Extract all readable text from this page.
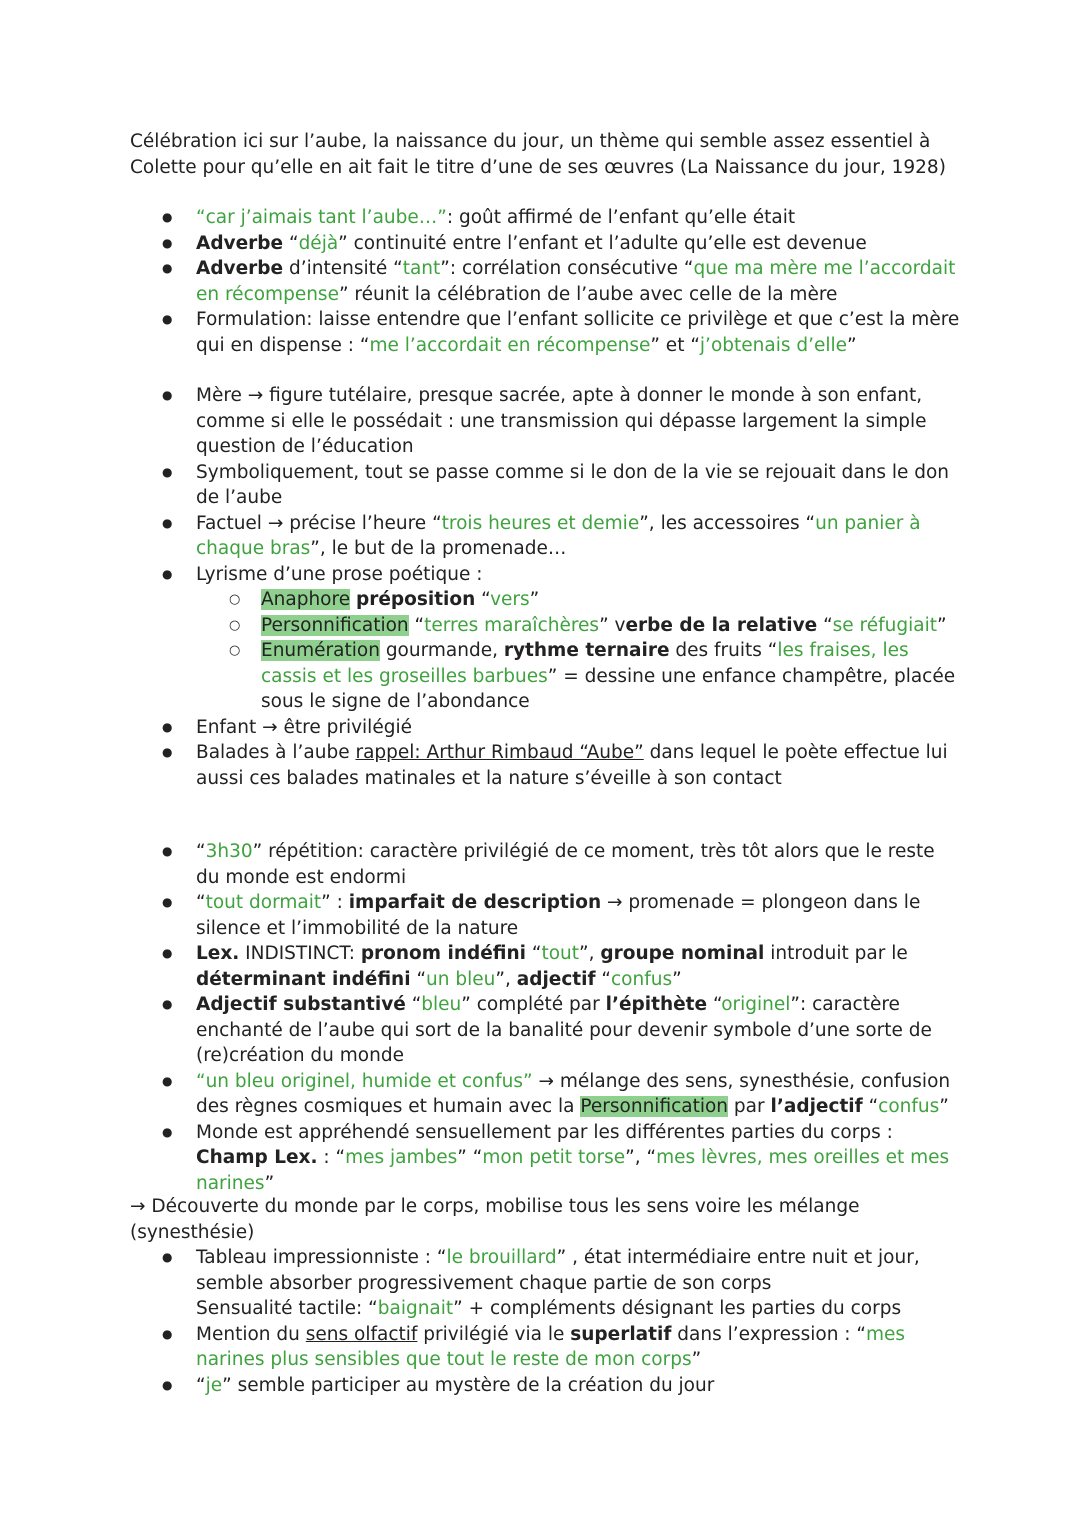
Célébration ici sur l’aube, la naissance du jour, un thème qui semble assez essentiel à Colette pour qu’elle en ait fait le titre d’une de ses œuvres (La Naissance du jour, 1928)

● “car j’aimais tant l’aube…”: goût affirmé de l’enfant qu’elle était
● Adverbe “déjà” continuité entre l’enfant et l’adulte qu’elle est devenue
● Adverbe d’intensité “tant”: corrélation consécutive “que ma mère me l’accordait en récompense” réunit la célébration de l’aube avec celle de la mère
● Formulation: laisse entendre que l’enfant sollicite ce privilège et que c’est la mère qui en dispense : “me l’accordait en récompense” et “j’obtenais d’elle”
● Mère → figure tutélaire, presque sacrée, apte à donner le monde à son enfant, comme si elle le possédait : une transmission qui dépasse largement la simple question de l’éducation
● Symboliquement, tout se passe comme si le don de la vie se rejouait dans le don de l’aube
● Factuel → précise l’heure “trois heures et demie”, les accessoires “un panier à chaque bras”, le but de la promenade…
● Lyrisme d’une prose poétique :
○ Anaphore préposition “vers”
○ Personnification “terres maraîchères” verbe de la relative “se réfugiait”
○ Enumération gourmande, rythme ternaire des fruits “les fraises, les cassis et les groseilles barbues” = dessine une enfance champêtre, placée sous le signe de l’abondance
● Enfant → être privilégié
● Balades à l’aube rappel: Arthur Rimbaud “Aube” dans lequel le poète effectue lui aussi ces balades matinales et la nature s’éveille à son contact
● “3h30” répétition: caractère privilégié de ce moment, très tôt alors que le reste du monde est endormi
● “tout dormait” : imparfait de description → promenade = plongeon dans le silence et l’immobilité de la nature
● Lex. INDISTINCT: pronom indéfini “tout”, groupe nominal introduit par le déterminant indéfini “un bleu”, adjectif “confus”
● Adjectif substantivé “bleu” complété par l’épithète “originel”: caractère enchanté de l’aube qui sort de la banalité pour devenir symbole d’une sorte de (re)création du monde
● “un bleu originel, humide et confus” → mélange des sens, synesthésie, confusion des règnes cosmiques et humain avec la Personnification par l’adjectif “confus”
● Monde est appréhendé sensuellement par les différentes parties du corps : Champ Lex. : “mes jambes” “mon petit torse”, “mes lèvres, mes oreilles et mes narines”

→ Découverte du monde par le corps, mobilise tous les sens voire les mélange (synesthésie)

● Tableau impressionniste : “le brouillard” , état intermédiaire entre nuit et jour, semble absorber progressivement chaque partie de son corps
Sensualité tactile: “baignait” + compléments désignant les parties du corps
● Mention du sens olfactif privilégié via le superlatif dans l’expression : “mes narines plus sensibles que tout le reste de mon corps”
● “je” semble participer au mystère de la création du jour
